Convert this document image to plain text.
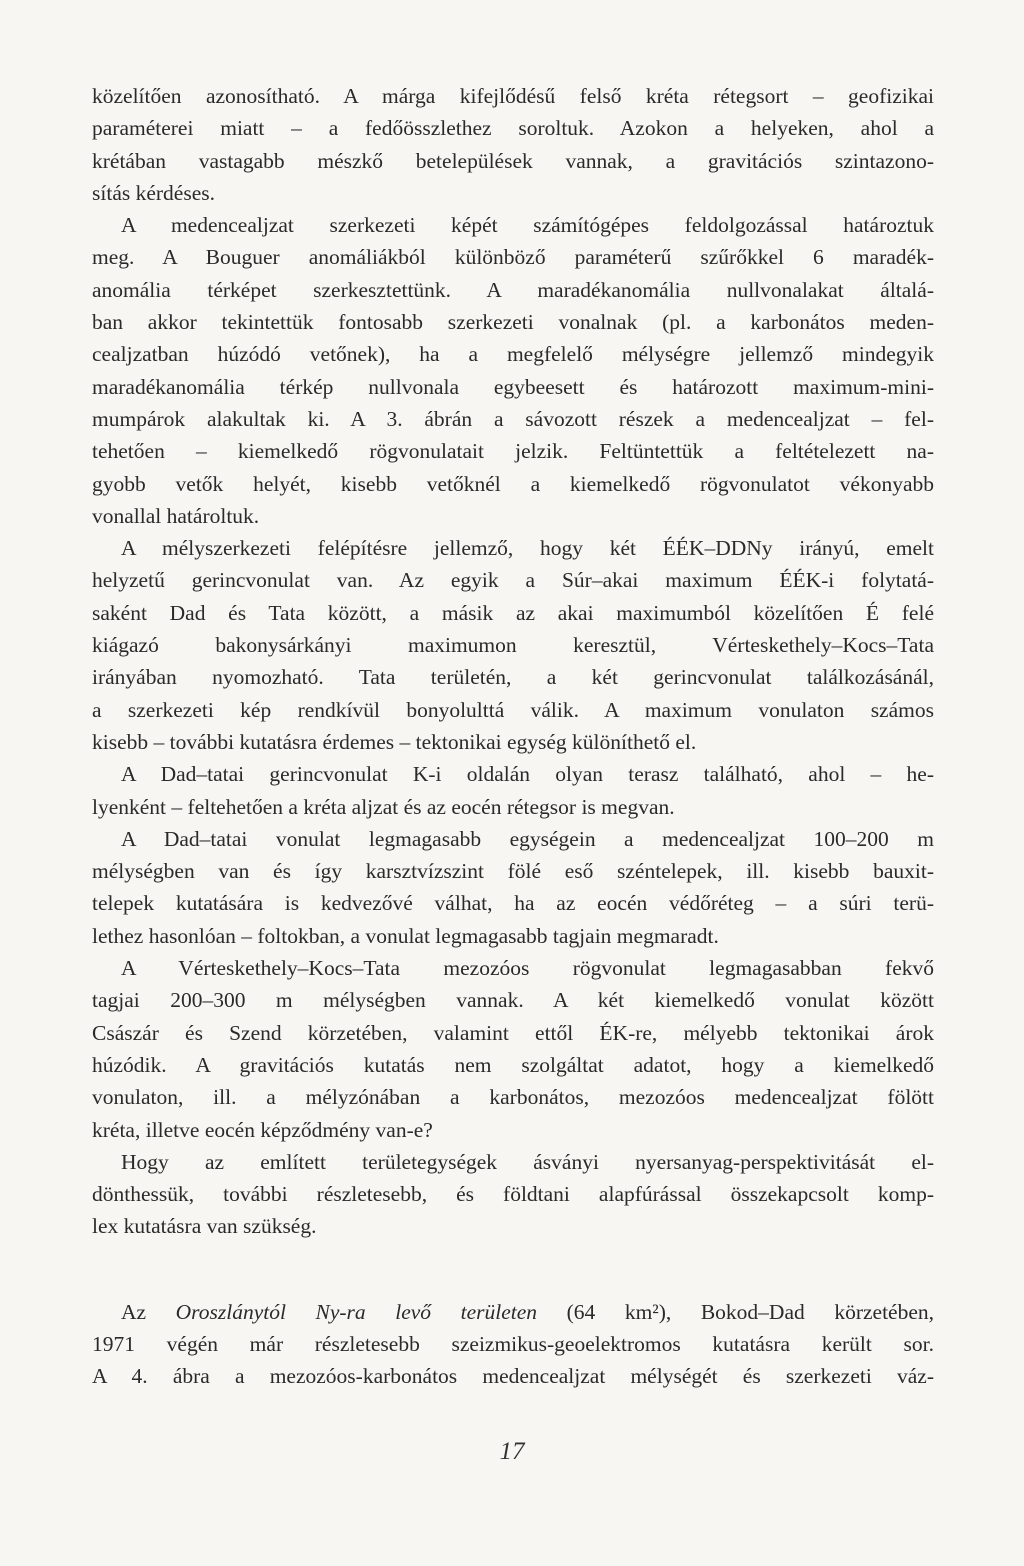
közelítően azonosítható. A márga kifejlődésű felső kréta rétegsort – geofizikai
paraméterei miatt – a fedőösszlethez soroltuk. Azokon a helyeken, ahol a
krétában vastagabb mészkő betelepülések vannak, a gravitációs szintazono-
sítás kérdéses.
A medencealjzat szerkezeti képét számítógépes feldolgozással határoztuk
meg. A Bouguer anomáliákból különböző paraméterű szűrőkkel 6 maradék-
anomália térképet szerkesztettünk. A maradékanomália nullvonalakat általá-
ban akkor tekintettük fontosabb szerkezeti vonalnak (pl. a karbonátos meden-
cealjzatban húzódó vetőnek), ha a megfelelő mélységre jellemző mindegyik
maradékanomália térkép nullvonala egybeesett és határozott maximum-mini-
mumpárok alakultak ki. A 3. ábrán a sávozott részek a medencealjzat – fel-
tehetően – kiemelkedő rögvonulatait jelzik. Feltüntettük a feltételezett na-
gyobb vetők helyét, kisebb vetőknél a kiemelkedő rögvonulatot vékonyabb
vonallal határoltuk.
A mélyszerkezeti felépítésre jellemző, hogy két ÉÉK–DDNy irányú, emelt
helyzetű gerincvonulat van. Az egyik a Súr–akai maximum ÉÉK-i folytatá-
saként Dad és Tata között, a másik az akai maximumból közelítően É felé
kiágazó bakonysárkányi maximumon keresztül, Vérteskethely–Kocs–Tata
irányában nyomozható. Tata területén, a két gerincvonulat találkozásánál,
a szerkezeti kép rendkívül bonyolulttá válik. A maximum vonulaton számos
kisebb – további kutatásra érdemes – tektonikai egység különíthető el.
A Dad–tatai gerincvonulat K-i oldalán olyan terasz található, ahol – he-
lyenként – feltehetően a kréta aljzat és az eocén rétegsor is megvan.
A Dad–tatai vonulat legmagasabb egységein a medencealjzat 100–200 m
mélységben van és így karsztvízszint fölé eső széntelepek, ill. kisebb bauxit-
telepek kutatására is kedvezővé válhat, ha az eocén védőréteg – a súri terü-
lethez hasonlóan – foltokban, a vonulat legmagasabb tagjain megmaradt.
A Vérteskethely–Kocs–Tata mezozóos rögvonulat legmagasabban fekvő
tagjai 200–300 m mélységben vannak. A két kiemelkedő vonulat között
Császár és Szend körzetében, valamint ettől ÉK-re, mélyebb tektonikai árok
húzódik. A gravitációs kutatás nem szolgáltat adatot, hogy a kiemelkedő
vonulaton, ill. a mélyzónában a karbonátos, mezozóos medencealjzat fölött
kréta, illetve eocén képződmény van-e?
Hogy az említett területegységek ásványi nyersanyag-perspektivitását el-
dönthessük, további részletesebb, és földtani alapfúrással összekapcsolt komp-
lex kutatásra van szükség.
Az Oroszlánytól Ny-ra levő területen (64 km²), Bokod–Dad körzetében,
1971 végén már részletesebb szeizmikus-geoelektromos kutatásra került sor.
A 4. ábra a mezozóos-karbonátos medencealjzat mélységét és szerkezeti váz-
17
